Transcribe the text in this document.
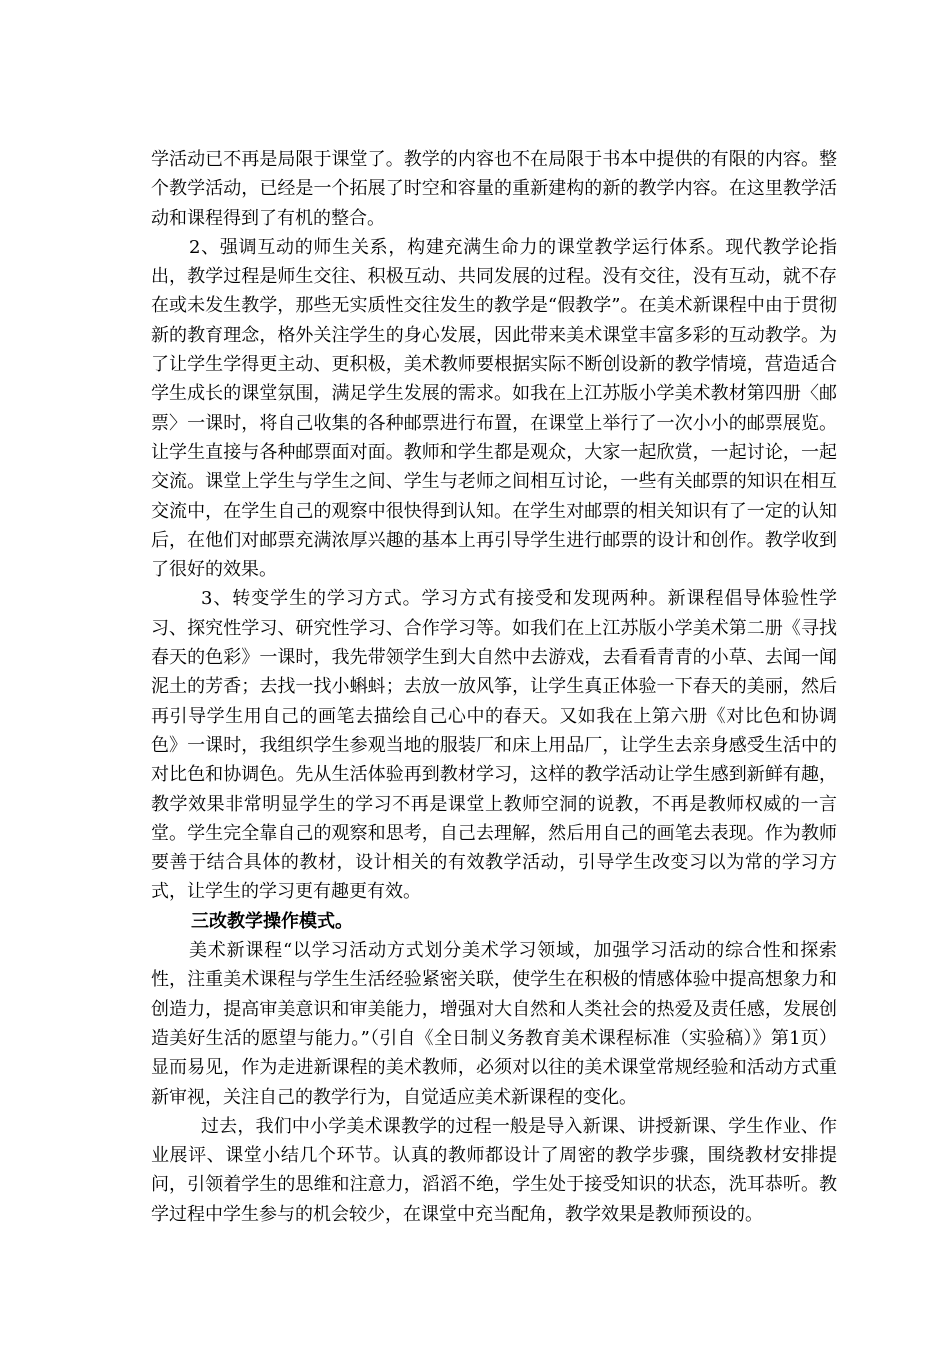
学活动已不再是局限于课堂了。教学的内容也不在局限于书本中提供的有限的内容。整个教学活动，已经是一个拓展了时空和容量的重新建构的新的教学内容。在这里教学活动和课程得到了有机的整合。

2、强调互动的师生关系，构建充满生命力的课堂教学运行体系。现代教学论指出，教学过程是师生交往、积极互动、共同发展的过程。没有交往，没有互动，就不存在或未发生教学，那些无实质性交往发生的教学是“假教学”。在美术新课程中由于贯彻新的教育理念，格外关注学生的身心发展，因此带来美术课堂丰富多彩的互动教学。为了让学生学得更主动、更积极，美术教师要根据实际不断创设新的教学情境，营造适合学生成长的课堂氛围，满足学生发展的需求。如我在上江苏版小学美术教材第四册〈邮票〉一课时，将自己收集的各种邮票进行布置，在课堂上举行了一次小小的邮票展览。让学生直接与各种邮票面对面。教师和学生都是观众，大家一起欣赏，一起讨论，一起交流。课堂上学生与学生之间、学生与老师之间相互讨论，一些有关邮票的知识在相互交流中，在学生自己的观察中很快得到认知。在学生对邮票的相关知识有了一定的认知后，在他们对邮票充满浓厚兴趣的基本上再引导学生进行邮票的设计和创作。教学收到了很好的效果。

3、转变学生的学习方式。学习方式有接受和发现两种。新课程倡导体验性学习、探究性学习、研究性学习、合作学习等。如我们在上江苏版小学美术第二册《寻找春天的色彩》一课时，我先带领学生到大自然中去游戏，去看看青青的小草、去闻一闻泥土的芳香；去找一找小蝌蚪；去放一放风筝，让学生真正体验一下春天的美丽，然后再引导学生用自己的画笔去描绘自己心中的春天。又如我在上第六册《对比色和协调色》一课时，我组织学生参观当地的服装厂和床上用品厂，让学生去亲身感受生活中的对比色和协调色。先从生活体验再到教材学习，这样的教学活动让学生感到新鲜有趣，教学效果非常明显学生的学习不再是课堂上教师空洞的说教，不再是教师权威的一言堂。学生完全靠自己的观察和思考，自己去理解，然后用自己的画笔去表现。作为教师要善于结合具体的教材，设计相关的有效教学活动，引导学生改变习以为常的学习方式，让学生的学习更有趣更有效。

三改教学操作模式。

美术新课程“以学习活动方式划分美术学习领域，加强学习活动的综合性和探索性，注重美术课程与学生生活经验紧密关联，使学生在积极的情感体验中提高想象力和创造力，提高审美意识和审美能力，增强对大自然和人类社会的热爱及责任感，发展创造美好生活的愿望与能力。”（引自《全日制义务教育美术课程标准（实验稿）》第1页）显而易见，作为走进新课程的美术教师，必须对以往的美术课堂常规经验和活动方式重新审视，关注自己的教学行为，自觉适应美术新课程的变化。

过去，我们中小学美术课教学的过程一般是导入新课、讲授新课、学生作业、作业展评、课堂小结几个环节。认真的教师都设计了周密的教学步骤，围绕教材安排提问，引领着学生的思维和注意力，滔滔不绝，学生处于接受知识的状态，洗耳恭听。教学过程中学生参与的机会较少，在课堂中充当配角，教学效果是教师预设的。
